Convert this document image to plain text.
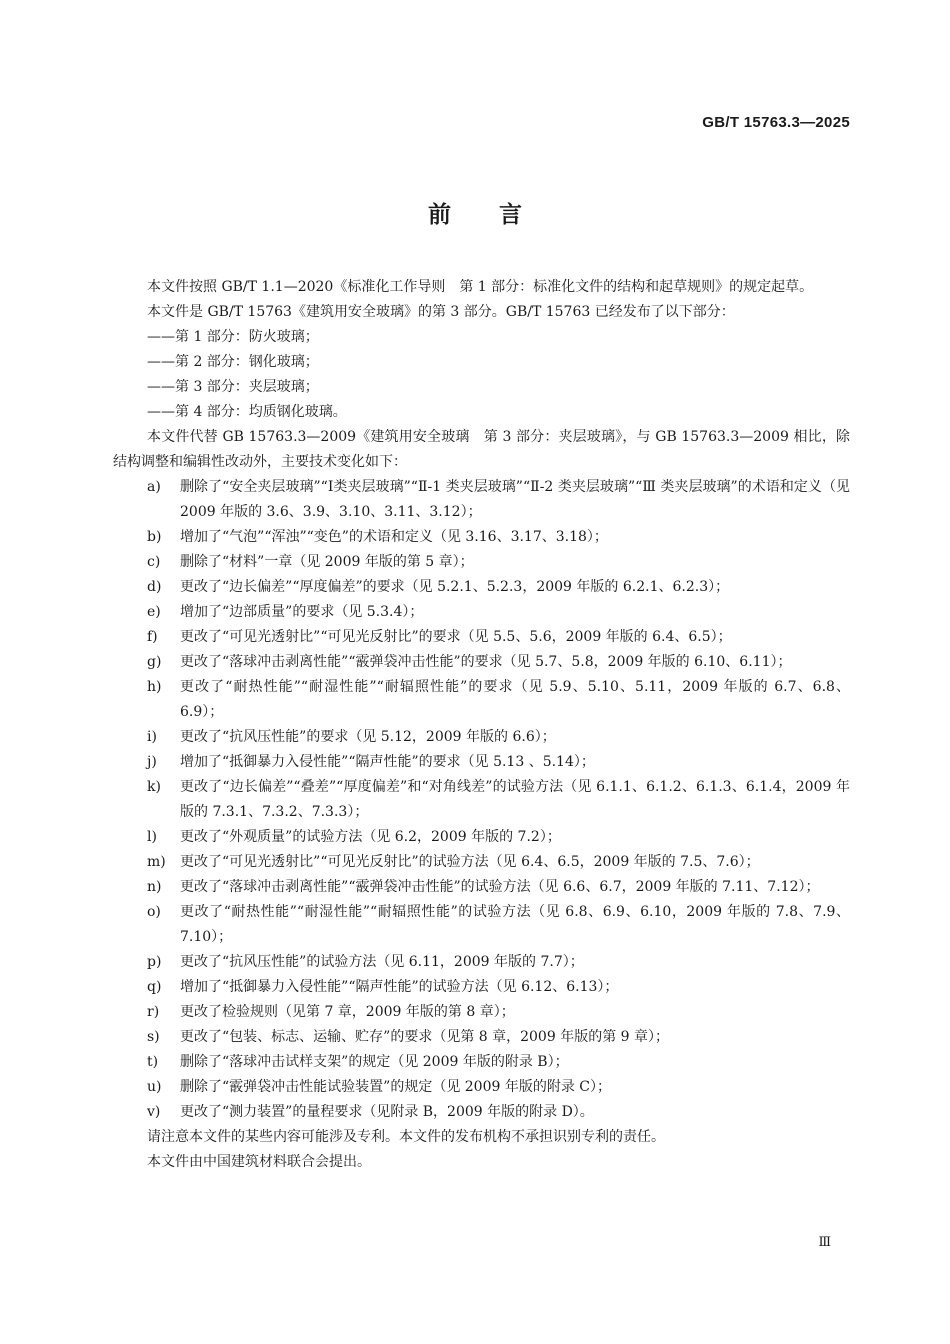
GB/T 15763.3—2025
前言

本文件按照 GB/T 1.1—2020《标准化工作导则　第 1 部分：标准化文件的结构和起草规则》的规定起草。

本文件是 GB/T 15763《建筑用安全玻璃》的第 3 部分。GB/T 15763 已经发布了以下部分：

——第 1 部分：防火玻璃；

——第 2 部分：钢化玻璃；

——第 3 部分：夹层玻璃；

——第 4 部分：均质钢化玻璃。

本文件代替 GB 15763.3—2009《建筑用安全玻璃　第 3 部分：夹层玻璃》，与 GB 15763.3—2009 相比，除结构调整和编辑性改动外，主要技术变化如下：

a) 删除了“安全夹层玻璃”“Ⅰ类夹层玻璃”“Ⅱ-1 类夹层玻璃”“Ⅱ-2 类夹层玻璃”“Ⅲ 类夹层玻璃”的术语和定义（见 2009 年版的 3.6、3.9、3.10、3.11、3.12）；
b) 增加了“气泡”“浑浊”“变色”的术语和定义（见 3.16、3.17、3.18）；
c) 删除了“材料”一章（见 2009 年版的第 5 章）；
d) 更改了“边长偏差”“厚度偏差”的要求（见 5.2.1、5.2.3，2009 年版的 6.2.1、6.2.3）；
e) 增加了“边部质量”的要求（见 5.3.4）；
f) 更改了“可见光透射比”“可见光反射比”的要求（见 5.5、5.6，2009 年版的 6.4、6.5）；
g) 更改了“落球冲击剥离性能”“霰弹袋冲击性能”的要求（见 5.7、5.8，2009 年版的 6.10、6.11）；
h) 更改了“耐热性能”“耐湿性能”“耐辐照性能”的要求（见 5.9、5.10、5.11，2009 年版的 6.7、6.8、6.9）；
i) 更改了“抗风压性能”的要求（见 5.12，2009 年版的 6.6）；
j) 增加了“抵御暴力入侵性能”“隔声性能”的要求（见 5.13 、5.14）；
k) 更改了“边长偏差”“叠差”“厚度偏差”和“对角线差”的试验方法（见 6.1.1、6.1.2、6.1.3、6.1.4，2009 年版的 7.3.1、7.3.2、7.3.3）；
l) 更改了“外观质量”的试验方法（见 6.2，2009 年版的 7.2）；
m) 更改了“可见光透射比”“可见光反射比”的试验方法（见 6.4、6.5，2009 年版的 7.5、7.6）；
n) 更改了“落球冲击剥离性能”“霰弹袋冲击性能”的试验方法（见 6.6、6.7，2009 年版的 7.11、7.12）；
o) 更改了“耐热性能”“耐湿性能”“耐辐照性能”的试验方法（见 6.8、6.9、6.10，2009 年版的 7.8、7.9、7.10）；
p) 更改了“抗风压性能”的试验方法（见 6.11，2009 年版的 7.7）；
q) 增加了“抵御暴力入侵性能”“隔声性能”的试验方法（见 6.12、6.13）；
r) 更改了检验规则（见第 7 章，2009 年版的第 8 章）；
s) 更改了“包装、标志、运输、贮存”的要求（见第 8 章，2009 年版的第 9 章）；
t) 删除了“落球冲击试样支架”的规定（见 2009 年版的附录 B）；
u) 删除了“霰弹袋冲击性能试验装置”的规定（见 2009 年版的附录 C）；
v) 更改了“测力装置”的量程要求（见附录 B，2009 年版的附录 D）。

请注意本文件的某些内容可能涉及专利。本文件的发布机构不承担识别专利的责任。

本文件由中国建筑材料联合会提出。

Ⅲ
